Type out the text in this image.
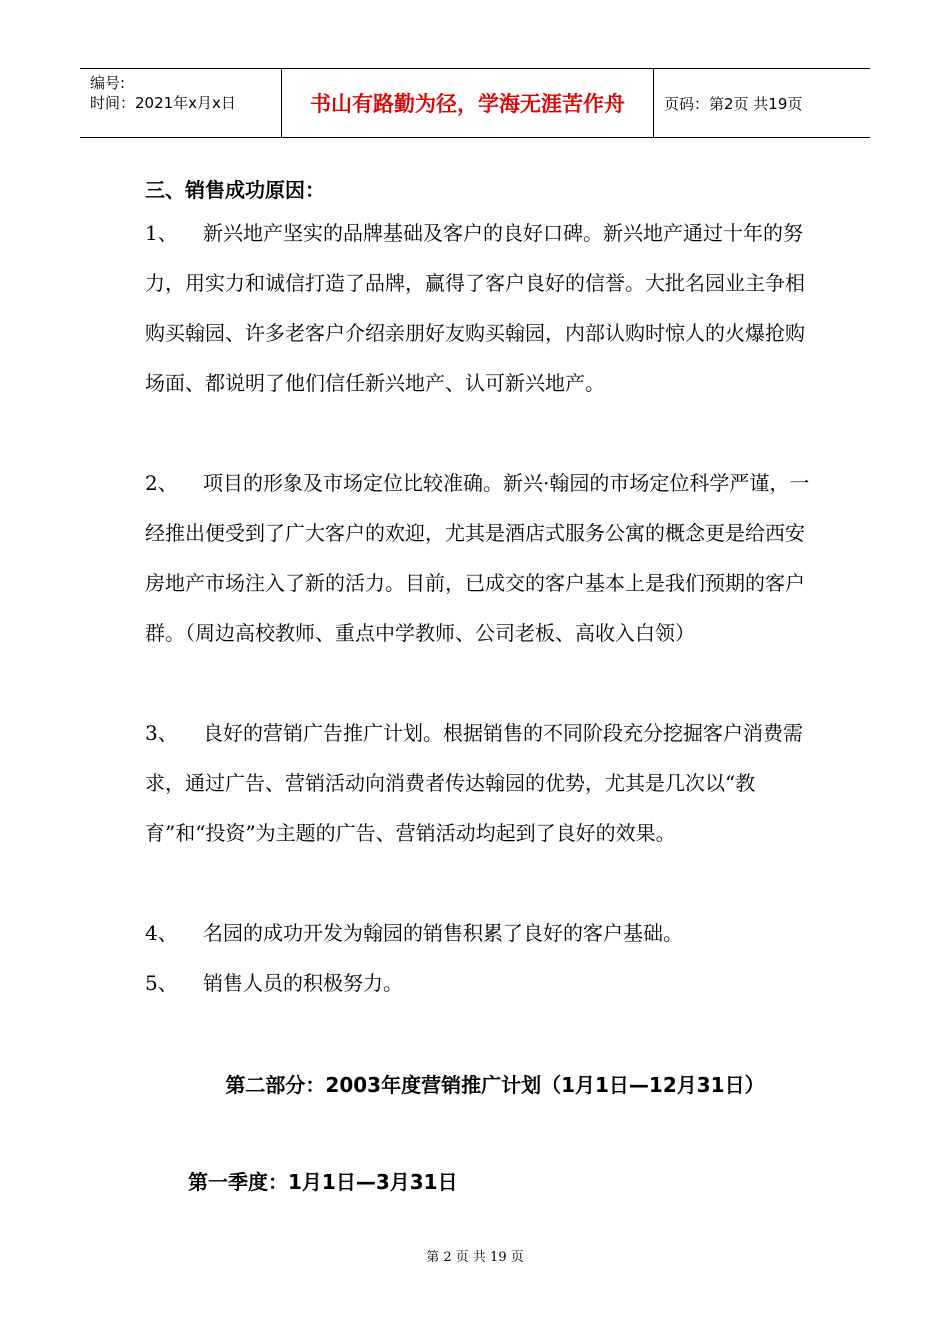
编号:
时间：2021年x月x日	书山有路勤为径，学海无涯苦作舟	页码：第2页 共19页
三、销售成功原因：
1、 新兴地产坚实的品牌基础及客户的良好口碑。新兴地产通过十年的努力，用实力和诚信打造了品牌，赢得了客户良好的信誉。大批名园业主争相购买翰园、许多老客户介绍亲朋好友购买翰园，内部认购时惊人的火爆抢购场面、都说明了他们信任新兴地产、认可新兴地产。
2、 项目的形象及市场定位比较准确。新兴·翰园的市场定位科学严谨，一经推出便受到了广大客户的欢迎，尤其是酒店式服务公寓的概念更是给西安房地产市场注入了新的活力。目前，已成交的客户基本上是我们预期的客户群。（周边高校教师、重点中学教师、公司老板、高收入白领）
3、 良好的营销广告推广计划。根据销售的不同阶段充分挖掘客户消费需求，通过广告、营销活动向消费者传达翰园的优势，尤其是几次以“教育”和“投资”为主题的广告、营销活动均起到了良好的效果。
4、 名园的成功开发为翰园的销售积累了良好的客户基础。
5、 销售人员的积极努力。
第二部分：2003年度营销推广计划（1月1日—12月31日）
第一季度：1月1日—3月31日
第 2 页 共 19 页
